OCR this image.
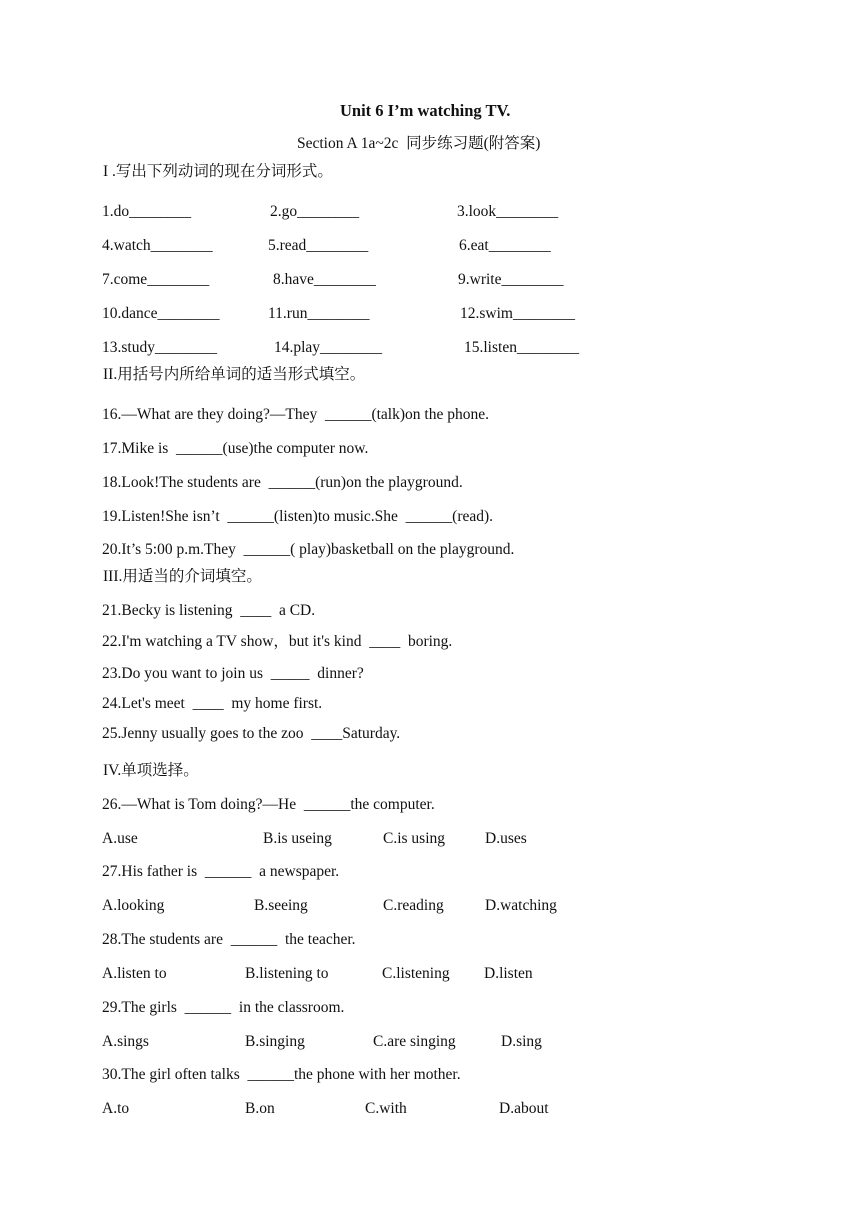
Unit 6 I’m watching TV.
Section A 1a~2c  同步练习题(附答案)
I .写出下列动词的现在分词形式。
1.do________	2.go________	3.look________
4.watch________	5.read________	6.eat________
7.come________	8.have________	9.write________
10.dance________	11.run________	12.swim________
13.study________	14.play________	15.listen________
II.用括号内所给单词的适当形式填空。
16.—What are they doing?—They  ______(talk)on the phone.
17.Mike is  ______(use)the computer now.
18.Look!The students are  ______(run)on the playground.
19.Listen!She isn’t  ______(listen)to music.She  ______(read).
20.It’s 5:00 p.m.They  ______( play)basketball on the playground.
III.用适当的介词填空。
21.Becky is listening  ____  a CD.
22.I'm watching a TV show，but it's kind  ____  boring.
23.Do you want to join us  _____  dinner?
24.Let's meet  ____  my home first.
25.Jenny usually goes to the zoo  ____Saturday.
IV.单项选择。
26.—What is Tom doing?—He  ______the computer.
A.use	B.is useing	C.is using	D.uses
27.His father is  ______  a newspaper.
A.looking	B.seeing	C.reading	D.watching
28.The students are  ______  the teacher.
A.listen to	B.listening to	C.listening D.listen
29.The girls  ______  in the classroom.
A.sings	B.singing	C.are singing	D.sing
30.The girl often talks  ______the phone with her mother.
A.to	B.on	C.with	D.about
